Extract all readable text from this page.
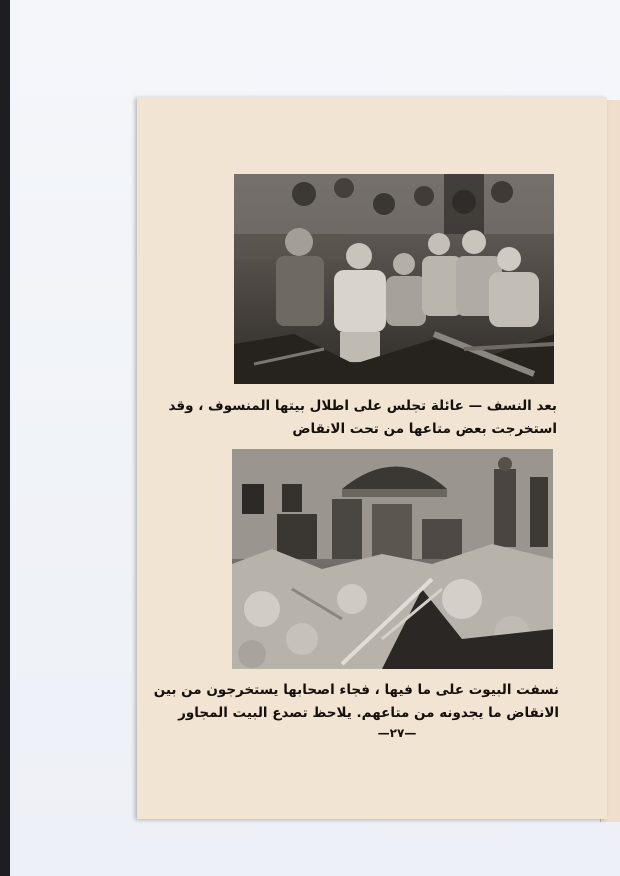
بعد النسف — عائلة تجلس على اطلال بيتها المنسوف ، وقد
استخرجت بعض متاعها من تحت الانقاض
نسفت البيوت على ما فيها ، فجاء اصحابها يستخرجون من بين
الانقاض ما يجدونه من متاعهم. يلاحظ تصدع البيت المجاور
—٢٧—
